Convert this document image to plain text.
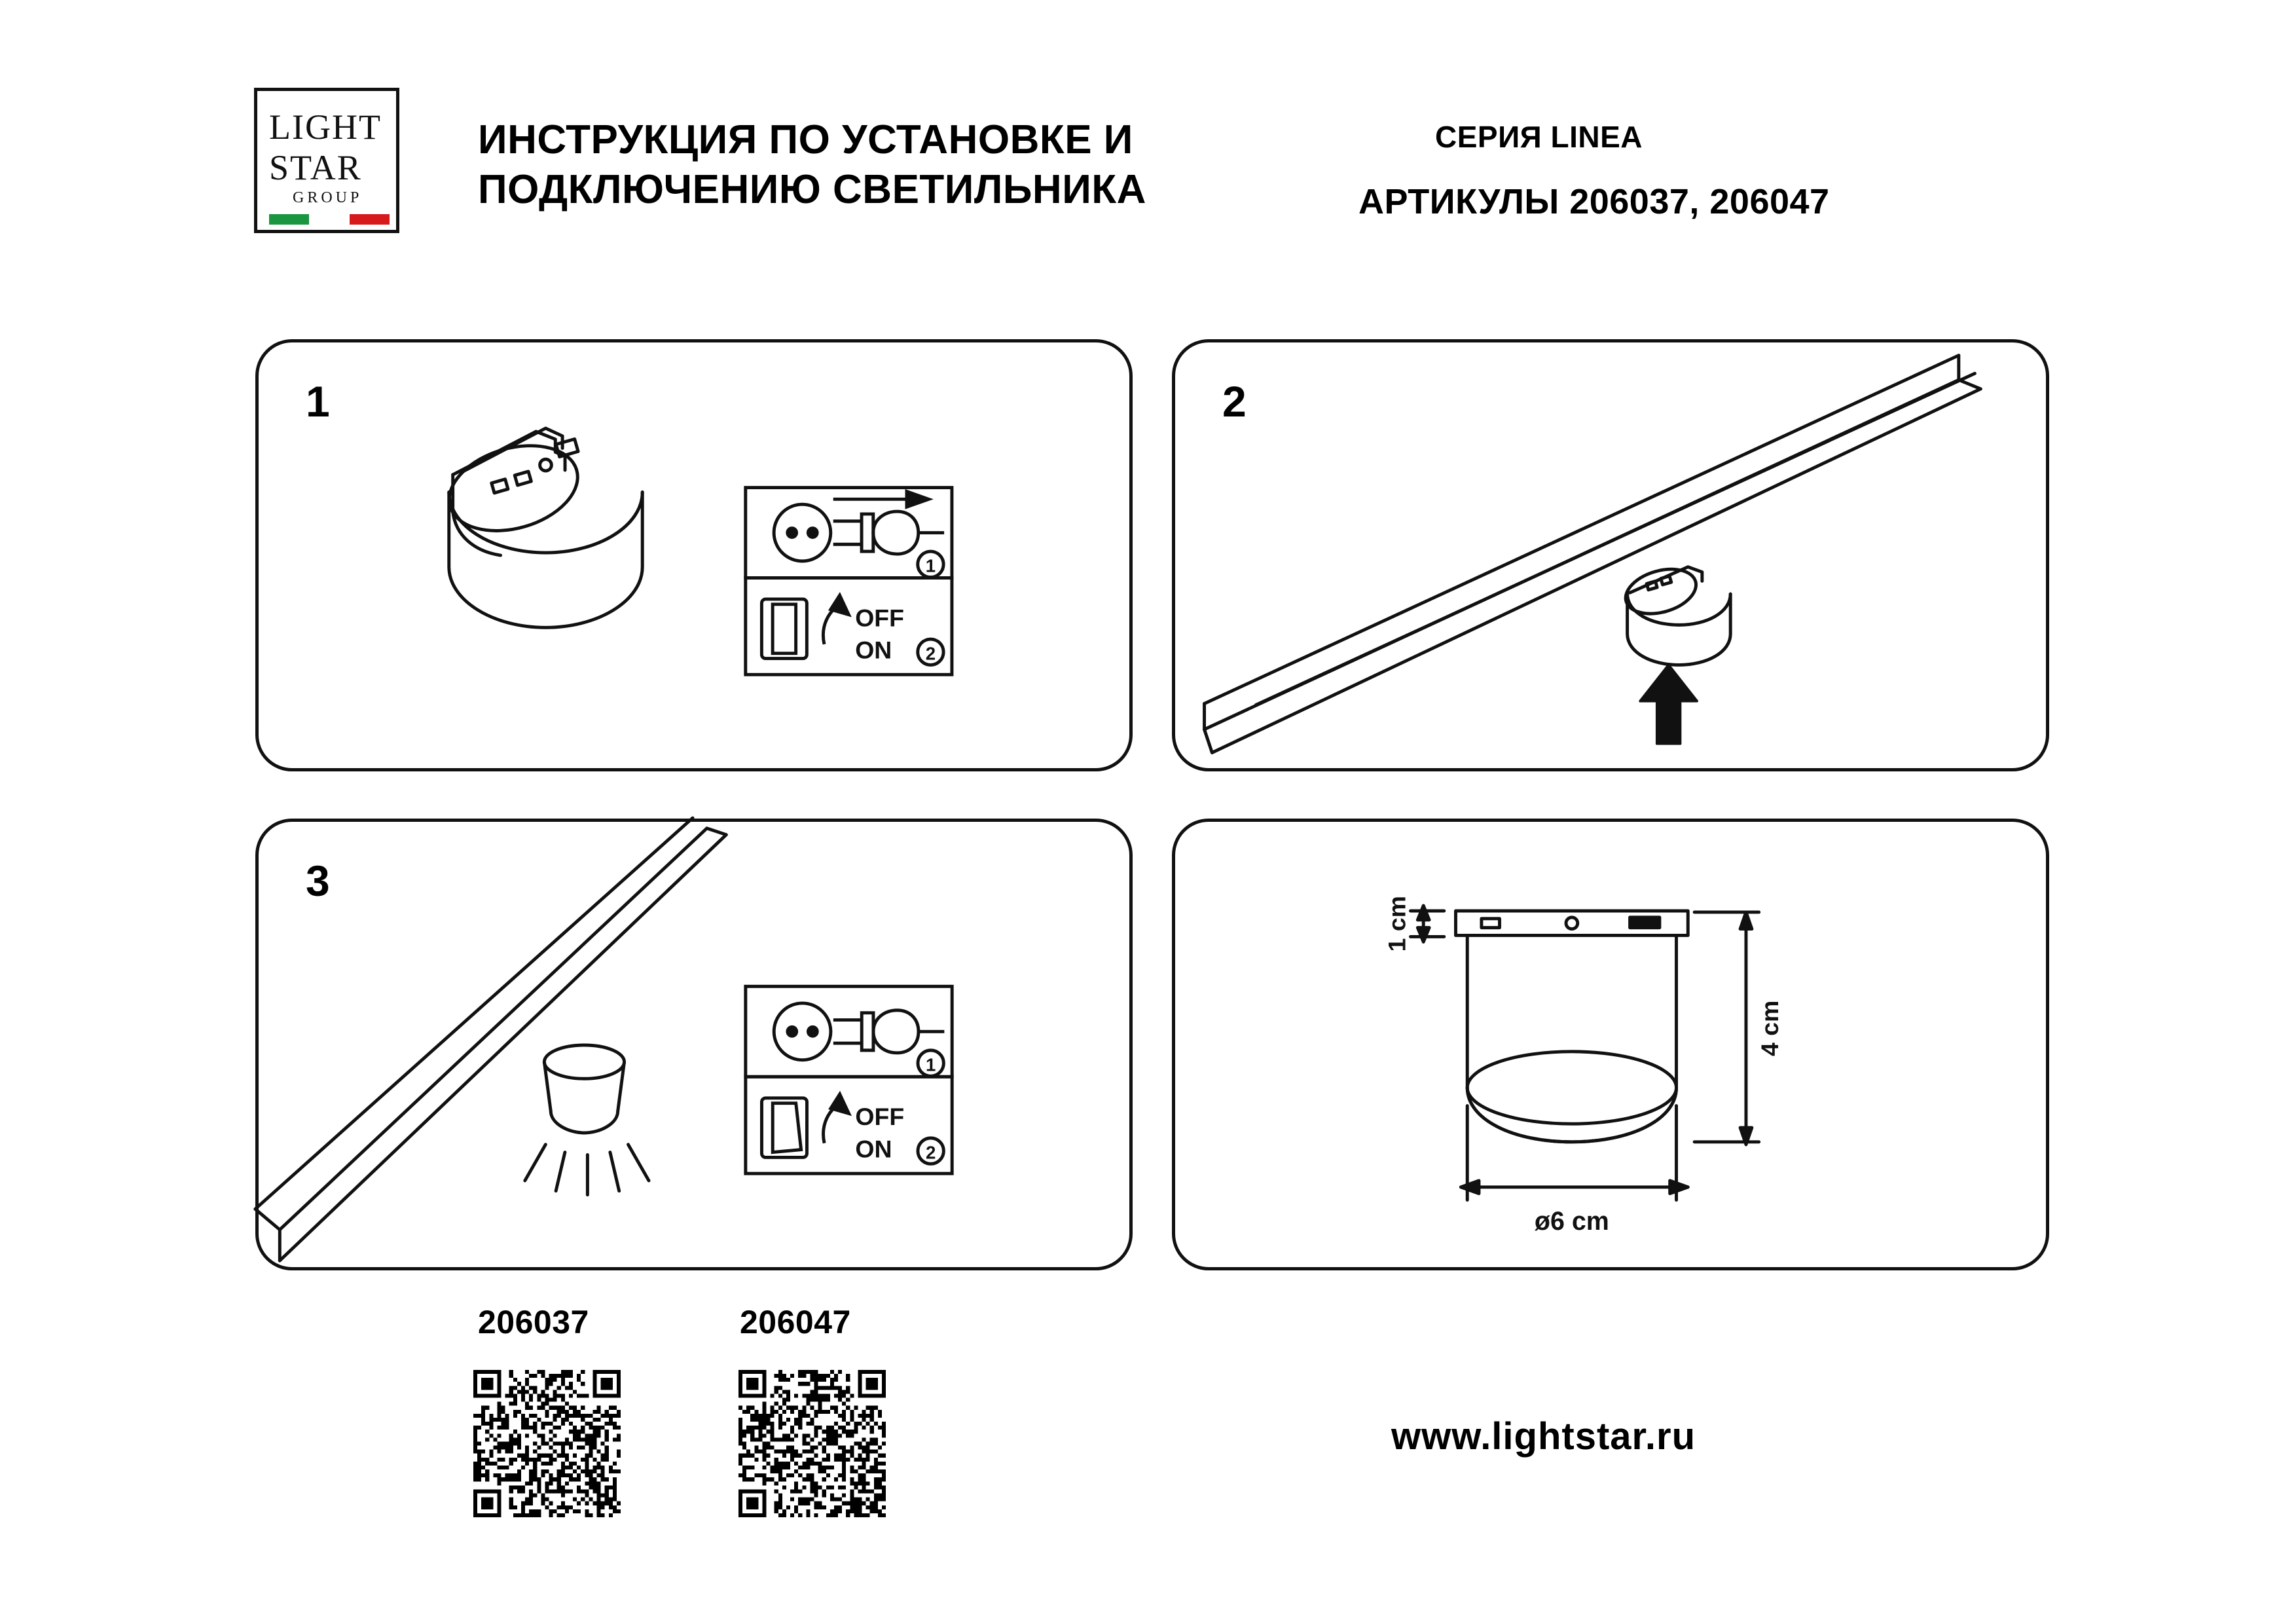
LIGHT
STAR
GROUP
ИНСТРУКЦИЯ ПО УСТАНОВКЕ И
ПОДКЛЮЧЕНИЮ СВЕТИЛЬНИКА
СЕРИЯ LINEA
АРТИКУЛЫ 206037, 206047
1
OFF
ON
1
2
2
3
OFF
ON
1
2
1 cm
4 cm
ø6 cm
206037	206047
www.lightstar.ru
